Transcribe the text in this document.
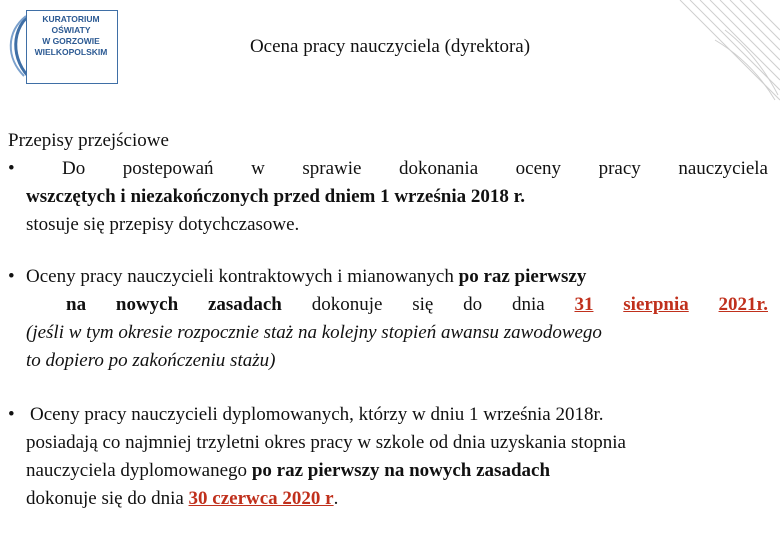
KURATORIUM
OŚWIATY
W GORZOWIE
WIELKOPOLSKIM	Ocena pracy nauczyciela (dyrektora)
Przepisy przejściowe
• Do postepowań w sprawie dokonania oceny pracy nauczyciela
wszczętych i niezakończonych przed dniem 1 września 2018 r.
stosuje się przepisy dotychczasowe.
• Oceny pracy nauczycieli kontraktowych i mianowanych po raz pierwszy
na nowych zasadach dokonuje się do dnia 31 sierpnia 2021r.
(jeśli w tym okresie rozpocznie staż na kolejny stopień awansu zawodowego
to dopiero po zakończeniu stażu)
• Oceny pracy nauczycieli dyplomowanych, którzy w dniu 1 września 2018r.
posiadają co najmniej trzyletni okres pracy w szkole od dnia uzyskania stopnia
nauczyciela dyplomowanego po raz pierwszy na nowych zasadach
dokonuje się do dnia 30 czerwca 2020 r.
